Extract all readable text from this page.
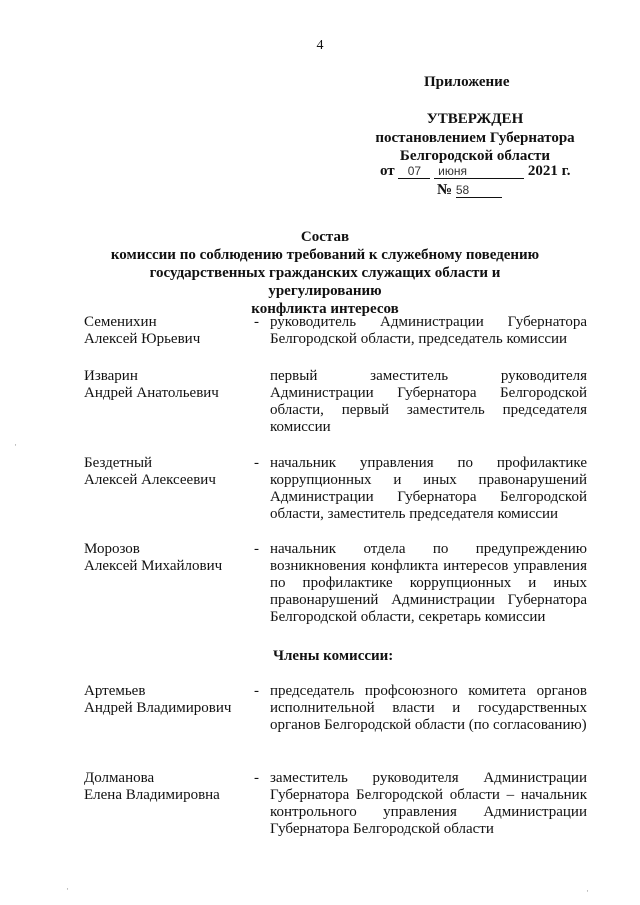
4
Приложение
УТВЕРЖДЕН
постановлением Губернатора
Белгородской области
от 07 июня	2021 г.
№ 58
Состав
комиссии по соблюдению требований к служебному поведению
государственных гражданских служащих области и урегулированию
конфликта интересов
Семенихин
Алексей Юрьевич
- руководитель Администрации Губернатора Белгородской области, председатель комиссии
Изварин
Андрей Анатольевич
первый заместитель руководителя Администрации Губернатора Белгородской области, первый заместитель председателя комиссии
Бездетный
Алексей Алексеевич
- начальник управления по профилактике коррупционных и иных правонарушений Администрации Губернатора Белгородской области, заместитель председателя комиссии
Морозов
Алексей Михайлович
- начальник отдела по предупреждению возникновения конфликта интересов управления по профилактике коррупционных и иных правонарушений Администрации Губернатора Белгородской области, секретарь комиссии
Члены комиссии:
Артемьев
Андрей Владимирович
- председатель профсоюзного комитета органов исполнительной власти и государственных органов Белгородской области (по согласованию)
Долманова
Елена Владимировна
- заместитель руководителя Администрации Губернатора Белгородской области – начальник контрольного управления Администрации Губернатора Белгородской области
·
·	·
